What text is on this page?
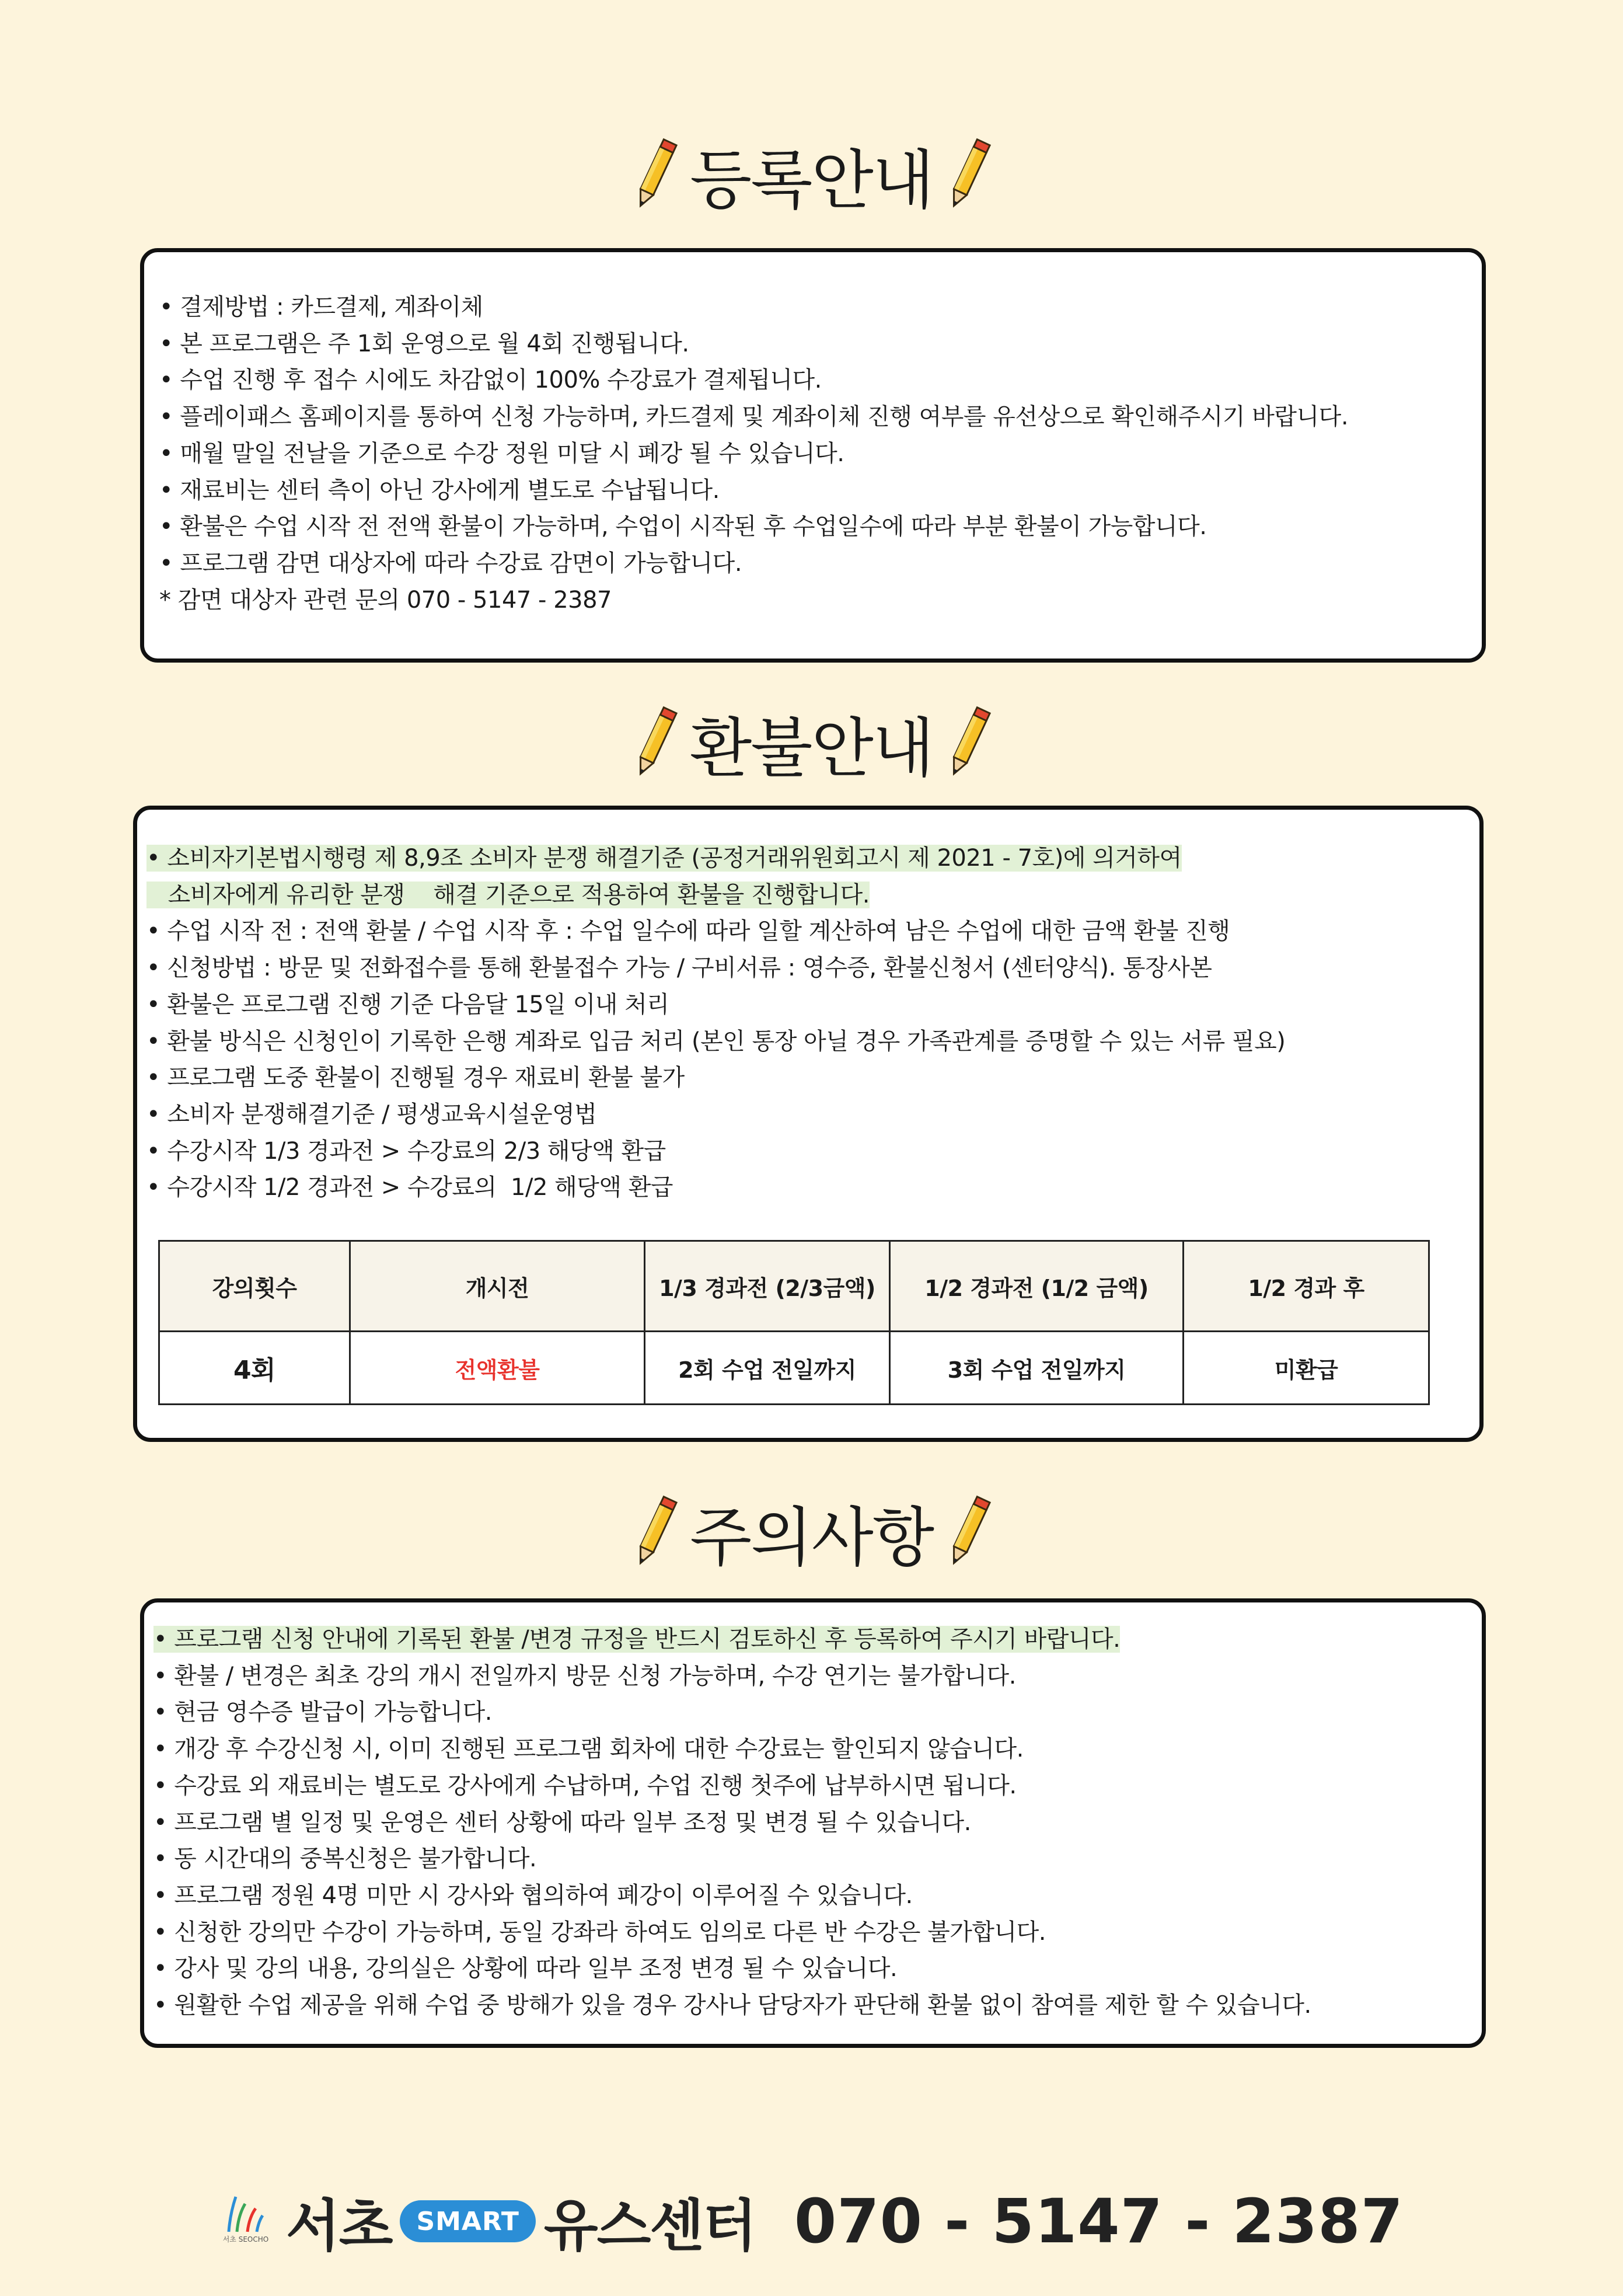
등록안내
• 결제방법 : 카드결제, 계좌이체
• 본 프로그램은 주 1회 운영으로 월 4회 진행됩니다.
• 수업 진행 후 접수 시에도 차감없이 100% 수강료가 결제됩니다.
• 플레이패스 홈페이지를 통하여 신청 가능하며, 카드결제 및 계좌이체 진행 여부를 유선상으로 확인해주시기 바랍니다.
• 매월 말일 전날을 기준으로 수강 정원 미달 시 폐강 될 수 있습니다.
• 재료비는 센터 측이 아닌 강사에게 별도로 수납됩니다.
• 환불은 수업 시작 전 전액 환불이 가능하며, 수업이 시작된 후 수업일수에 따라 부분 환불이 가능합니다.
• 프로그램 감면 대상자에 따라 수강료 감면이 가능합니다.
* 감면 대상자 관련 문의 070 - 5147 - 2387
환불안내
• 소비자기본법시행령 제 8,9조 소비자 분쟁 해결기준 (공정거래위원회고시 제 2021 - 7호)에 의거하여
소비자에게 유리한 분쟁    해결 기준으로 적용하여 환불을 진행합니다.
• 수업 시작 전 : 전액 환불 / 수업 시작 후 : 수업 일수에 따라 일할 계산하여 남은 수업에 대한 금액 환불 진행
• 신청방법 : 방문 및 전화접수를 통해 환불접수 가능 / 구비서류 : 영수증, 환불신청서 (센터양식). 통장사본
• 환불은 프로그램 진행 기준 다음달 15일 이내 처리
• 환불 방식은 신청인이 기록한 은행 계좌로 입금 처리 (본인 통장 아닐 경우 가족관계를 증명할 수 있는 서류 필요)
• 프로그램 도중 환불이 진행될 경우 재료비 환불 불가
• 소비자 분쟁해결기준 / 평생교육시설운영법
• 수강시작 1/3 경과전 > 수강료의 2/3 해당액 환급
• 수강시작 1/2 경과전 > 수강료의  1/2 해당액 환급
강의횟수	개시전	1/3 경과전 (2/3금액)	1/2 경과전 (1/2 금액)	1/2 경과 후
4회	전액환불	2회 수업 전일까지	3회 수업 전일까지	미환급
주의사항
• 프로그램 신청 안내에 기록된 환불 /변경 규정을 반드시 검토하신 후 등록하여 주시기 바랍니다.
• 환불 / 변경은 최초 강의 개시 전일까지 방문 신청 가능하며, 수강 연기는 불가합니다.
• 현금 영수증 발급이 가능합니다.
• 개강 후 수강신청 시, 이미 진행된 프로그램 회차에 대한 수강료는 할인되지 않습니다.
• 수강료 외 재료비는 별도로 강사에게 수납하며, 수업 진행 첫주에 납부하시면 됩니다.
• 프로그램 별 일정 및 운영은 센터 상황에 따라 일부 조정 및 변경 될 수 있습니다.
• 동 시간대의 중복신청은 불가합니다.
• 프로그램 정원 4명 미만 시 강사와 협의하여 폐강이 이루어질 수 있습니다.
• 신청한 강의만 수강이 가능하며, 동일 강좌라 하여도 임의로 다른 반 수강은 불가합니다.
• 강사 및 강의 내용, 강의실은 상황에 따라 일부 조정 변경 될 수 있습니다.
• 원활한 수업 제공을 위해 수업 중 방해가 있을 경우 강사나 담당자가 판단해 환불 없이 참여를 제한 할 수 있습니다.
서초 SEOCHO 서초 SMART 유스센터 070 - 5147 - 2387
